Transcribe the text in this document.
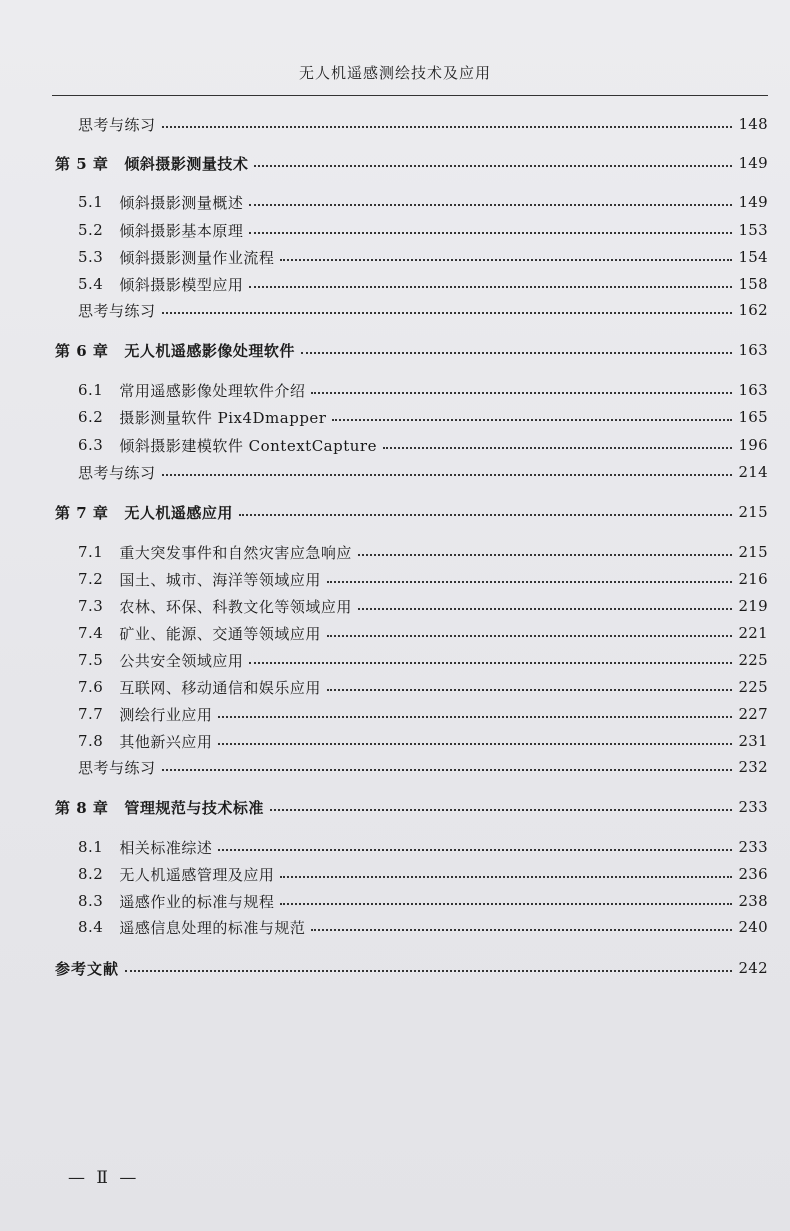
无人机遥感测绘技术及应用
思考与练习	148
第 5 章 倾斜摄影测量技术	149
5.1 倾斜摄影测量概述	149
5.2 倾斜摄影基本原理	153
5.3 倾斜摄影测量作业流程	154
5.4 倾斜摄影模型应用	158
思考与练习	162
第 6 章 无人机遥感影像处理软件	163
6.1 常用遥感影像处理软件介绍	163
6.2 摄影测量软件 Pix4Dmapper	165
6.3 倾斜摄影建模软件 ContextCapture	196
思考与练习	214
第 7 章 无人机遥感应用	215
7.1 重大突发事件和自然灾害应急响应	215
7.2 国土、城市、海洋等领域应用	216
7.3 农林、环保、科教文化等领域应用	219
7.4 矿业、能源、交通等领域应用	221
7.5 公共安全领域应用	225
7.6 互联网、移动通信和娱乐应用	225
7.7 测绘行业应用	227
7.8 其他新兴应用	231
思考与练习	232
第 8 章 管理规范与技术标准	233
8.1 相关标准综述	233
8.2 无人机遥感管理及应用	236
8.3 遥感作业的标准与规程	238
8.4 遥感信息处理的标准与规范	240
参考文献	242
— Ⅱ —
